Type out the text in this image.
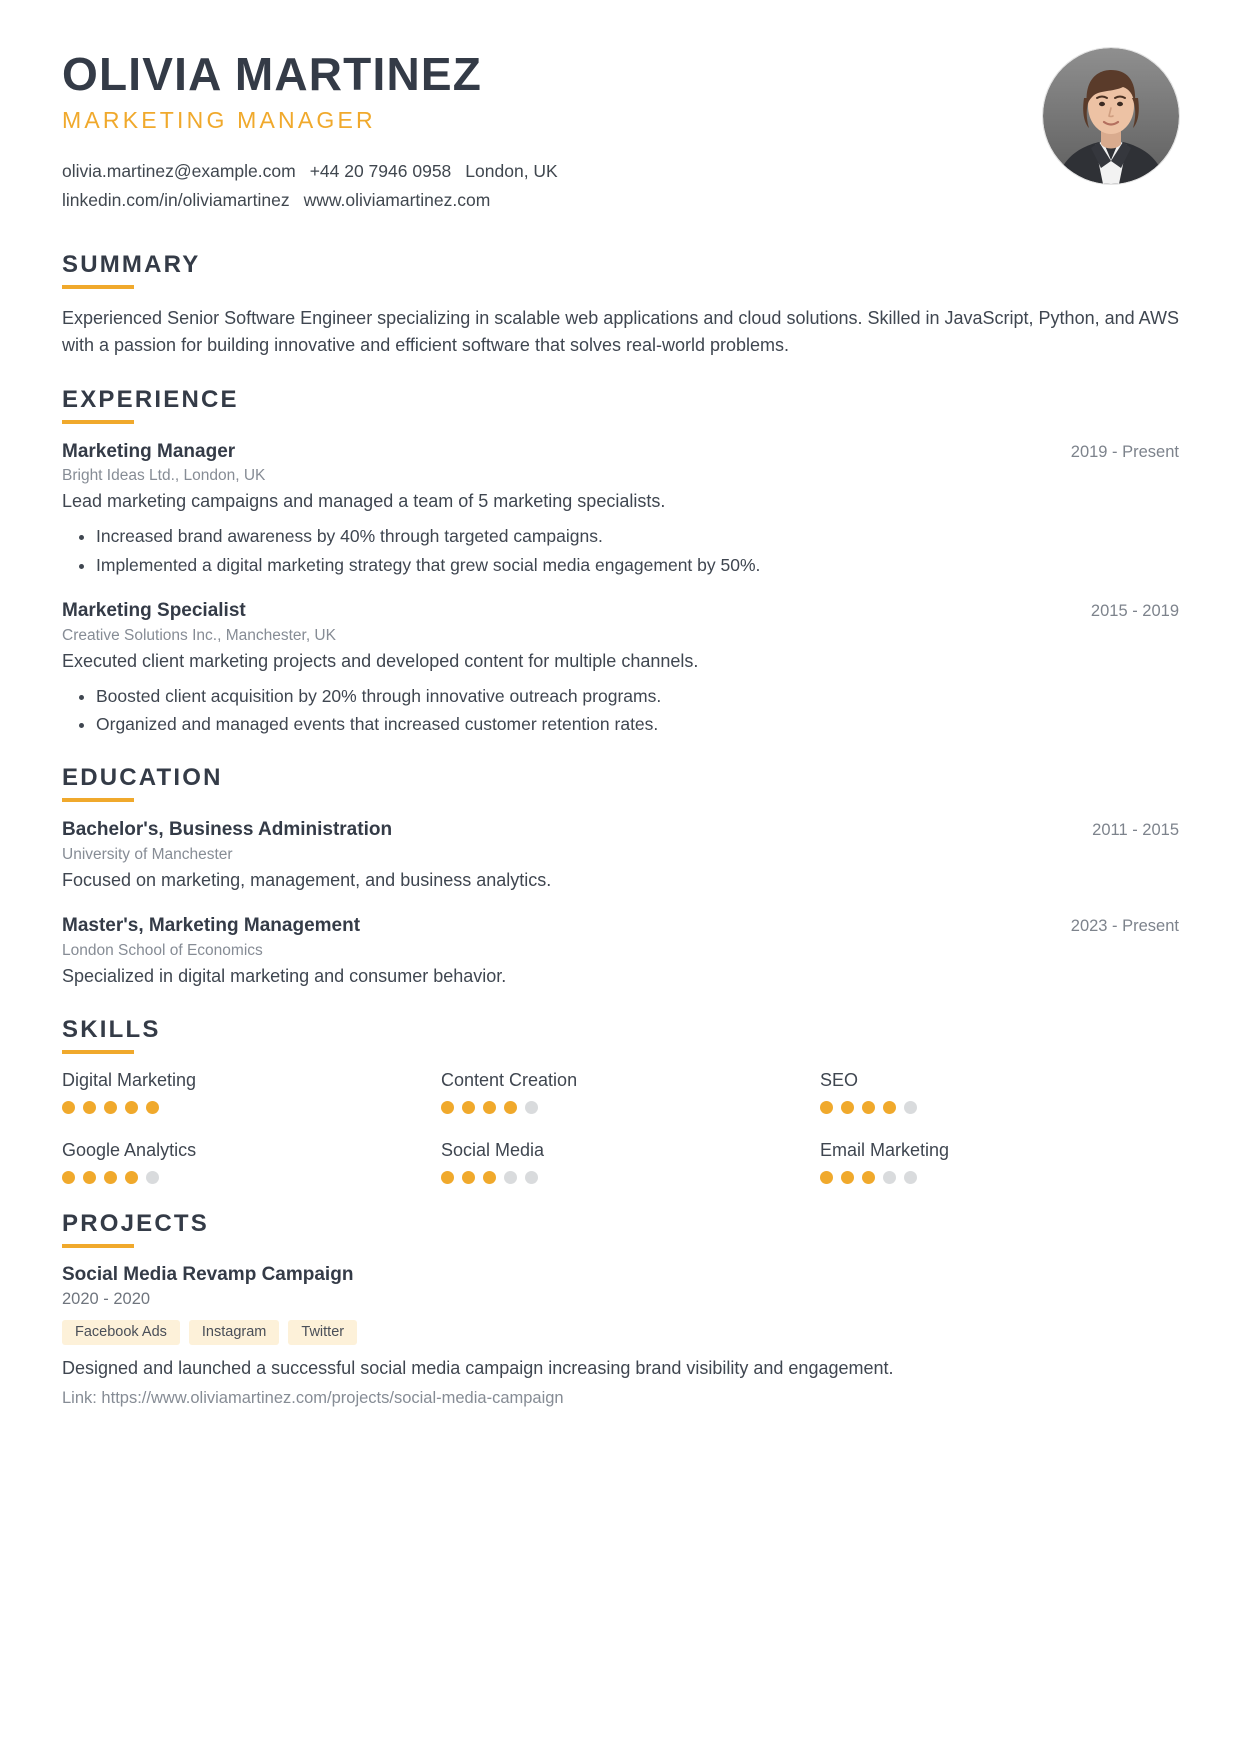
OLIVIA MARTINEZ
MARKETING MANAGER
olivia.martinez@example.com +44 20 7946 0958 London, UK
linkedin.com/in/oliviamartinez www.oliviamartinez.com
SUMMARY

Experienced Senior Software Engineer specializing in scalable web applications and cloud solutions. Skilled in JavaScript, Python, and AWS with a passion for building innovative and efficient software that solves real-world problems.

EXPERIENCE
Marketing Manager	2019 - Present
Bright Ideas Ltd., London, UK
Lead marketing campaigns and managed a team of 5 marketing specialists.
• Increased brand awareness by 40% through targeted campaigns.
• Implemented a digital marketing strategy that grew social media engagement by 50%.
Marketing Specialist	2015 - 2019
Creative Solutions Inc., Manchester, UK
Executed client marketing projects and developed content for multiple channels.
• Boosted client acquisition by 20% through innovative outreach programs.
• Organized and managed events that increased customer retention rates.
EDUCATION
Bachelor's, Business Administration	2011 - 2015
University of Manchester
Focused on marketing, management, and business analytics.
Master's, Marketing Management	2023 - Present
London School of Economics
Specialized in digital marketing and consumer behavior.
SKILLS
Digital Marketing	Content Creation	SEO
Google Analytics	Social Media	Email Marketing
PROJECTS
Social Media Revamp Campaign
2020 - 2020
Facebook Ads	Instagram	Twitter
Designed and launched a successful social media campaign increasing brand visibility and engagement.
Link: https://www.oliviamartinez.com/projects/social-media-campaign
